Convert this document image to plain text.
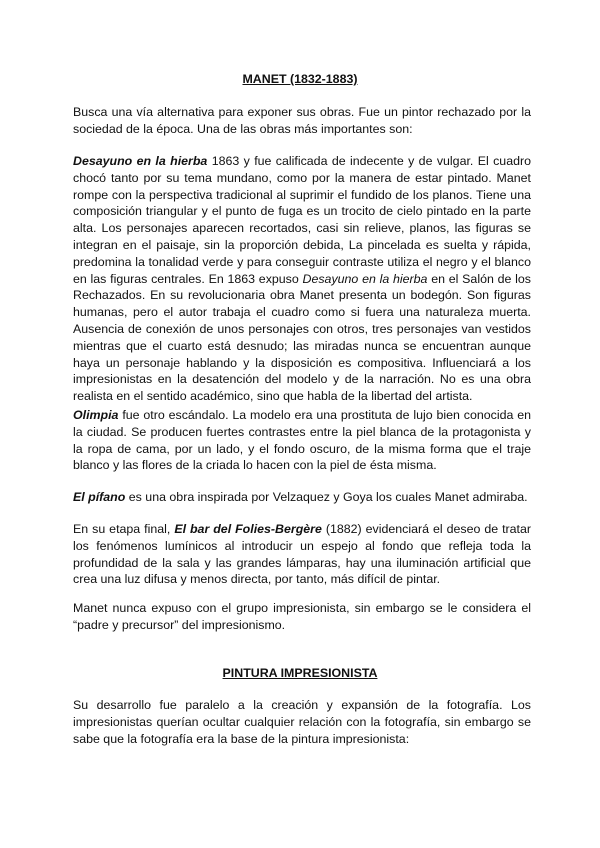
MANET (1832-1883)
Busca una vía alternativa para exponer sus obras. Fue un pintor rechazado por la sociedad de la época. Una de las obras más importantes son:
Desayuno en la hierba 1863 y fue calificada de indecente y de vulgar. El cuadro chocó tanto por su tema mundano, como por la manera de estar pintado. Manet rompe con la perspectiva tradicional al suprimir el fundido de los planos. Tiene una composición triangular y el punto de fuga es un trocito de cielo pintado en la parte alta. Los personajes aparecen recortados, casi sin relieve, planos, las figuras se integran en el paisaje, sin la proporción debida, La pincelada es suelta y rápida, predomina la tonalidad verde y para conseguir contraste utiliza el negro y el blanco en las figuras centrales. En 1863 expuso Desayuno en la hierba en el Salón de los Rechazados. En su revolucionaria obra Manet presenta un bodegón. Son figuras humanas, pero el autor trabaja el cuadro como si fuera una naturaleza muerta. Ausencia de conexión de unos personajes con otros, tres personajes van vestidos mientras que el cuarto está desnudo; las miradas nunca se encuentran aunque haya un personaje hablando y la disposición es compositiva. Influenciará a los impresionistas en la desatención del modelo y de la narración. No es una obra realista en el sentido académico, sino que habla de la libertad del artista.
Olimpia fue otro escándalo. La modelo era una prostituta de lujo bien conocida en la ciudad. Se producen fuertes contrastes entre la piel blanca de la protagonista y la ropa de cama, por un lado, y el fondo oscuro, de la misma forma que el traje blanco y las flores de la criada lo hacen con la piel de ésta misma.
El pífano es una obra inspirada por Velzaquez y Goya los cuales Manet admiraba.
En su etapa final, El bar del Folies-Bergère (1882) evidenciará el deseo de tratar los fenómenos lumínicos al introducir un espejo al fondo que refleja toda la profundidad de la sala y las grandes lámparas, hay una iluminación artificial que crea una luz difusa y menos directa, por tanto, más difícil de pintar.
Manet nunca expuso con el grupo impresionista, sin embargo se le considera el “padre y precursor” del impresionismo.
PINTURA IMPRESIONISTA
Su desarrollo fue paralelo a la creación y expansión de la fotografía. Los impresionistas querían ocultar cualquier relación con la fotografía, sin embargo se sabe que la fotografía era la base de la pintura impresionista:
